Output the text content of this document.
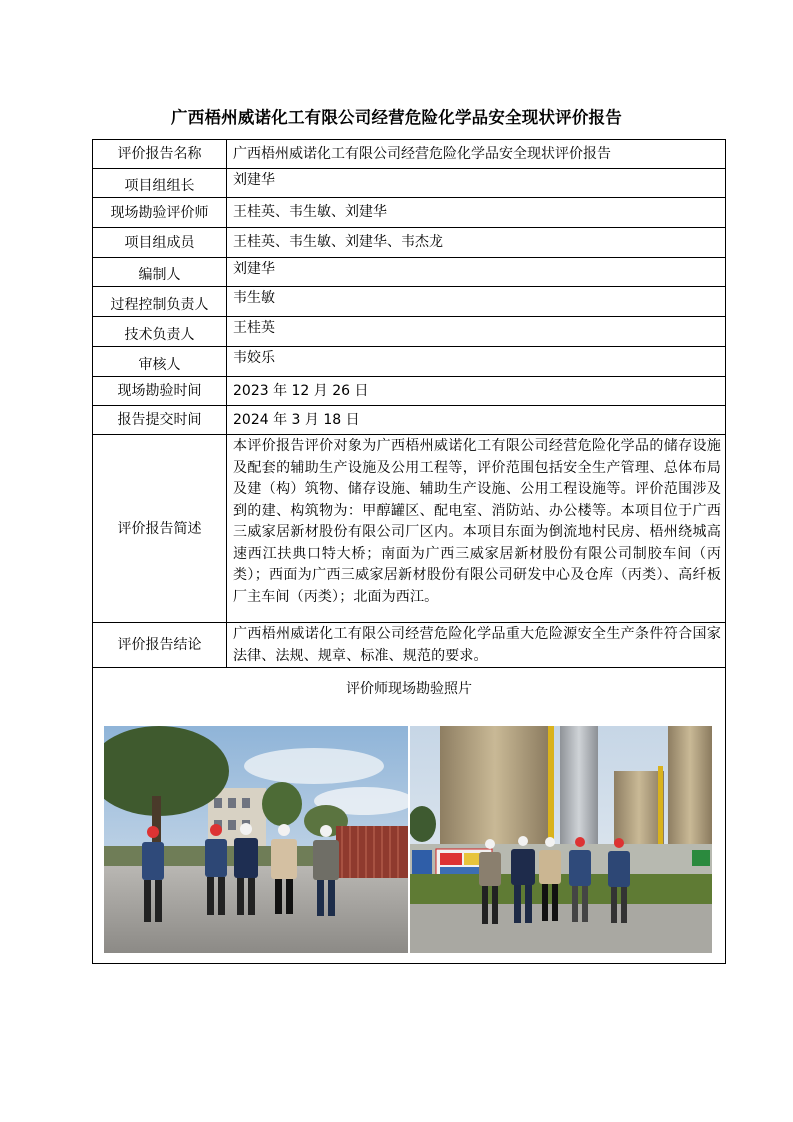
广西梧州威诺化工有限公司经营危险化学品安全现状评价报告
评价报告名称	广西梧州威诺化工有限公司经营危险化学品安全现状评价报告
项目组组长	刘建华
现场勘验评价师	王桂英、韦生敏、刘建华
项目组成员	王桂英、韦生敏、刘建华、韦杰龙
编制人	刘建华
过程控制负责人	韦生敏
技术负责人	王桂英
审核人	韦姣乐
现场勘验时间	2023 年 12 月 26 日
报告提交时间	2024 年 3 月 18 日
评价报告简述	本评价报告评价对象为广西梧州威诺化工有限公司经营危险化学品的储存设施及配套的辅助生产设施及公用工程等，评价范围包括安全生产管理、总体布局及建（构）筑物、储存设施、辅助生产设施、公用工程设施等。评价范围涉及到的建、构筑物为：甲醇罐区、配电室、消防站、办公楼等。本项目位于广西三威家居新材股份有限公司厂区内。本项目东面为倒流地村民房、梧州绕城高速西江扶典口特大桥；南面为广西三威家居新材股份有限公司制胶车间（丙类）；西面为广西三威家居新材股份有限公司研发中心及仓库（丙类）、高纤板厂主车间（丙类）；北面为西江。

评价报告结论	广西梧州威诺化工有限公司经营危险化学品重大危险源安全生产条件符合国家法律、法规、规章、标准、规范的要求。

评价师现场勘验照片	
